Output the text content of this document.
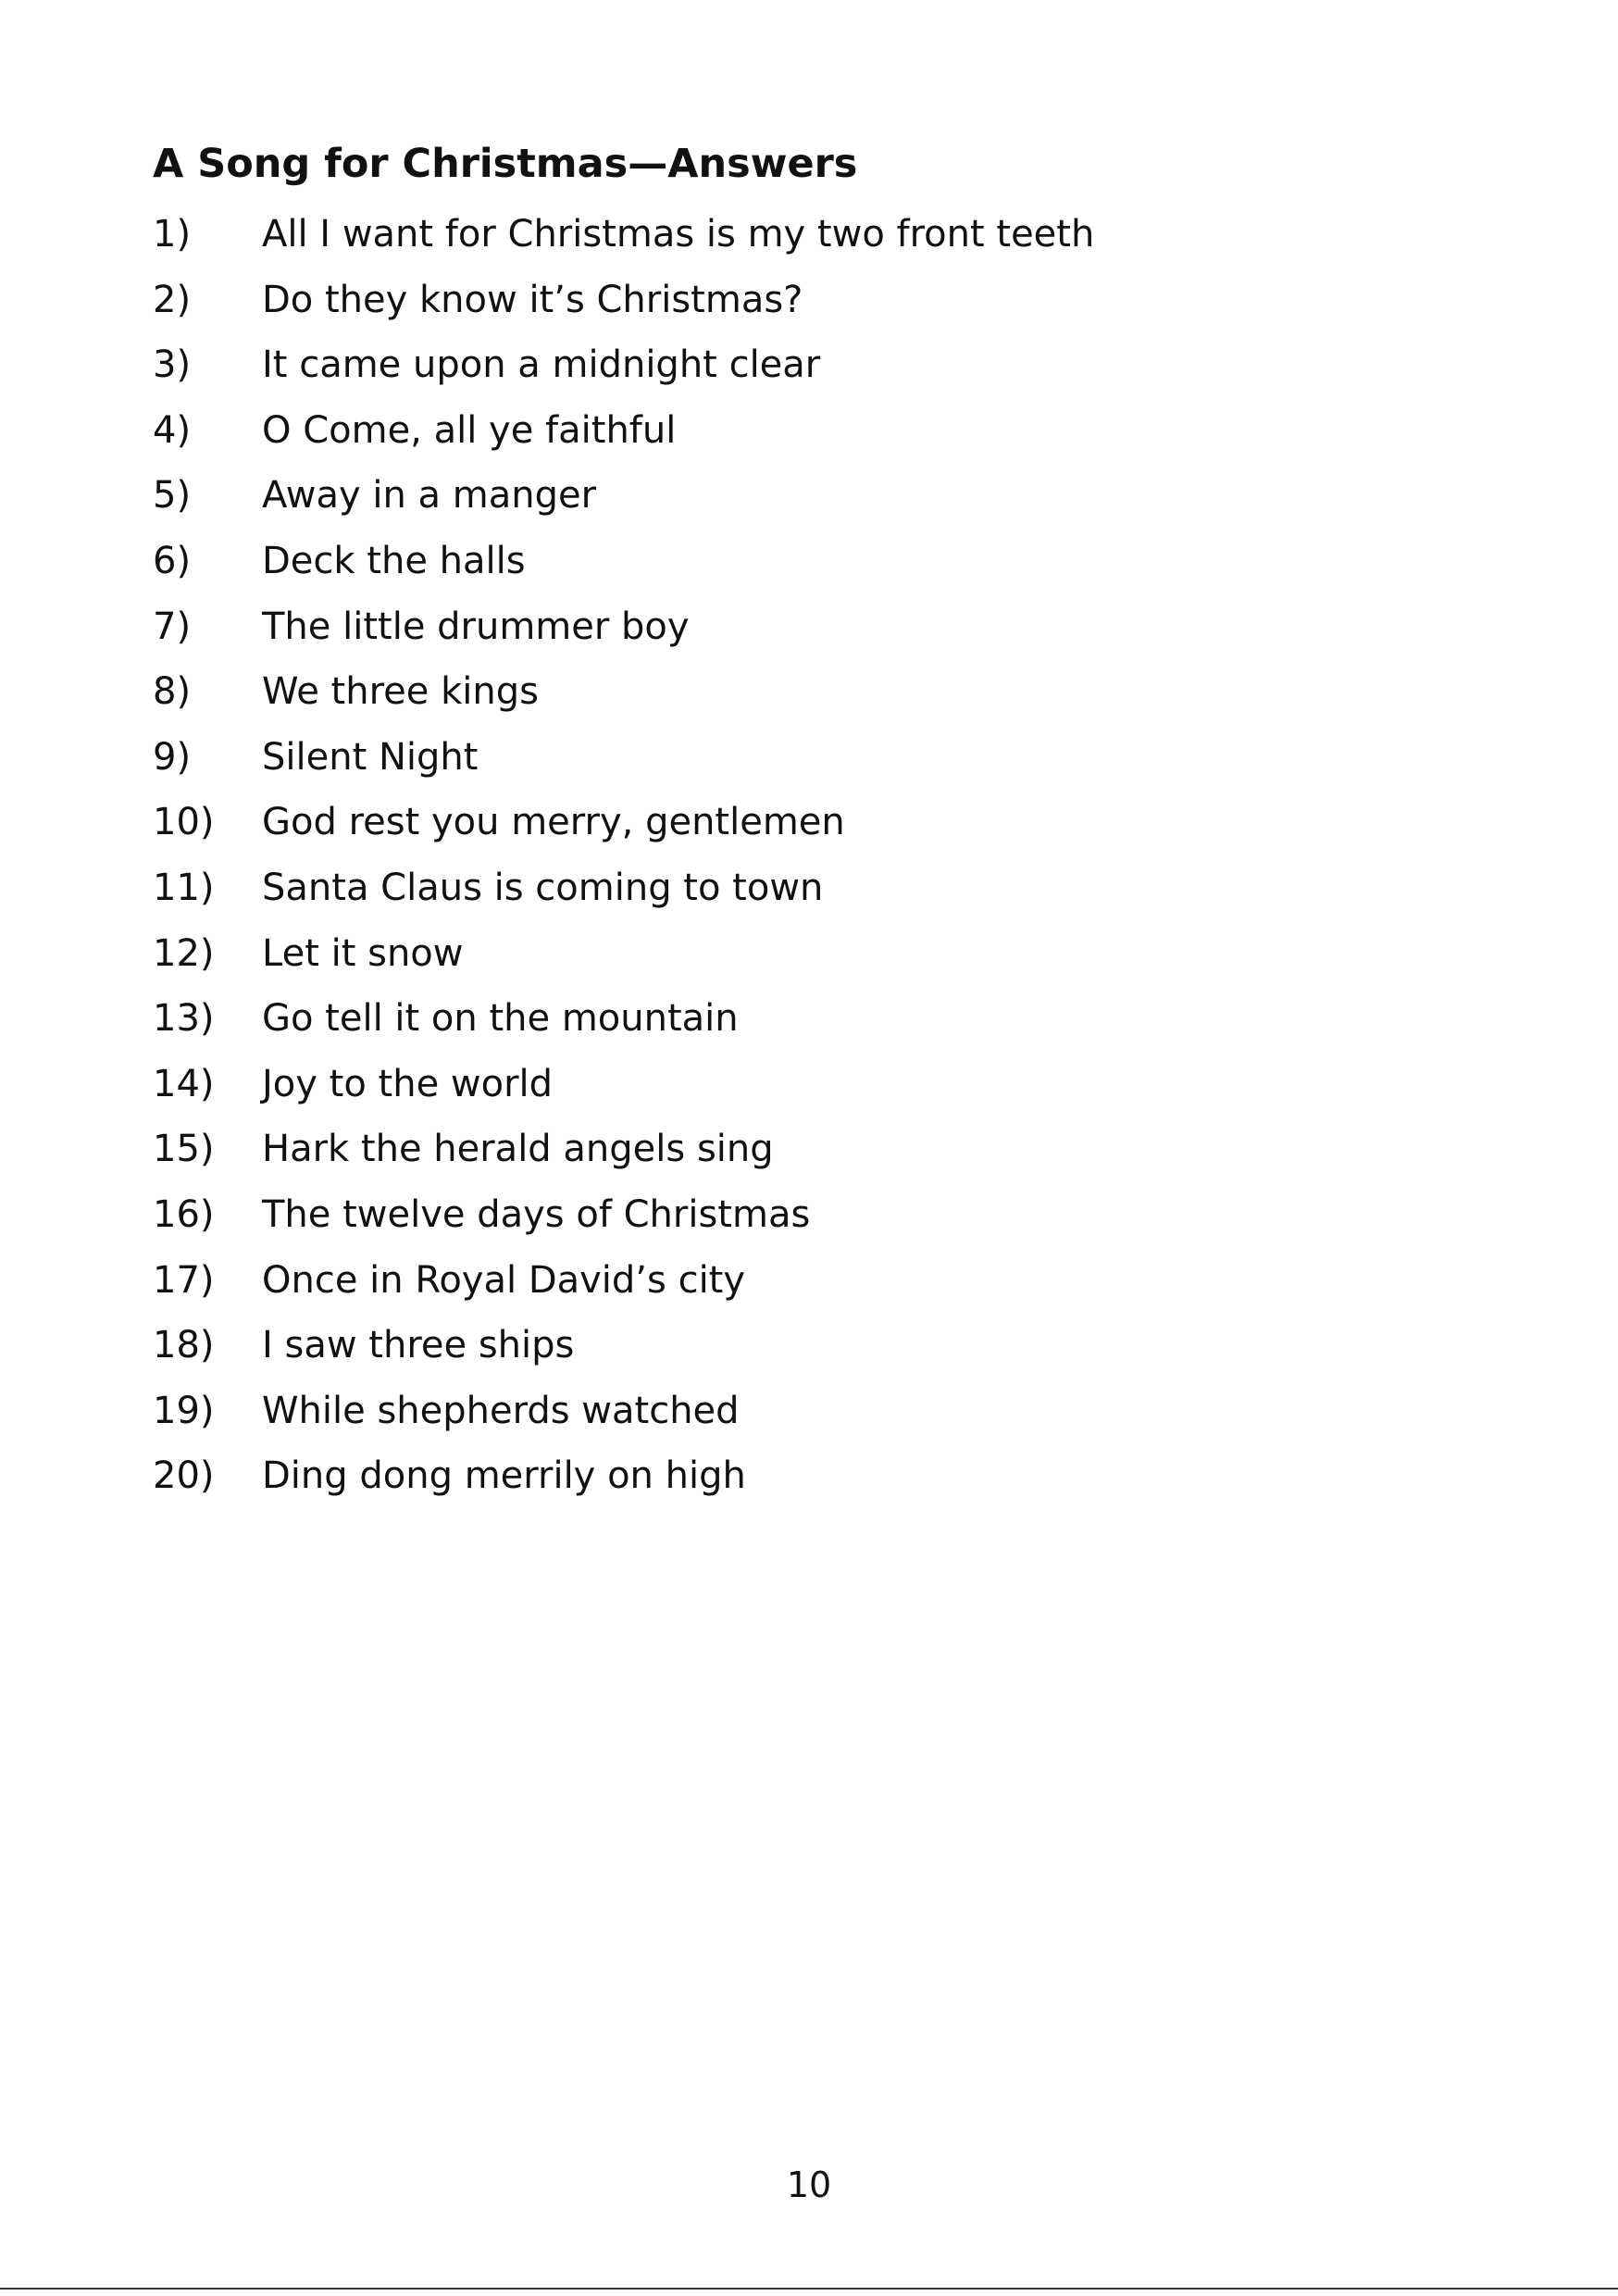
A Song for Christmas—Answers
1) All I want for Christmas is my two front teeth
2) Do they know it’s Christmas?
3) It came upon a midnight clear
4) O Come, all ye faithful
5) Away in a manger
6) Deck the halls
7) The little drummer boy
8) We three kings
9) Silent Night
10) God rest you merry, gentlemen
11) Santa Claus is coming to town
12) Let it snow
13) Go tell it on the mountain
14) Joy to the world
15) Hark the herald angels sing
16) The twelve days of Christmas
17) Once in Royal David’s city
18) I saw three ships
19) While shepherds watched
20) Ding dong merrily on high
10
